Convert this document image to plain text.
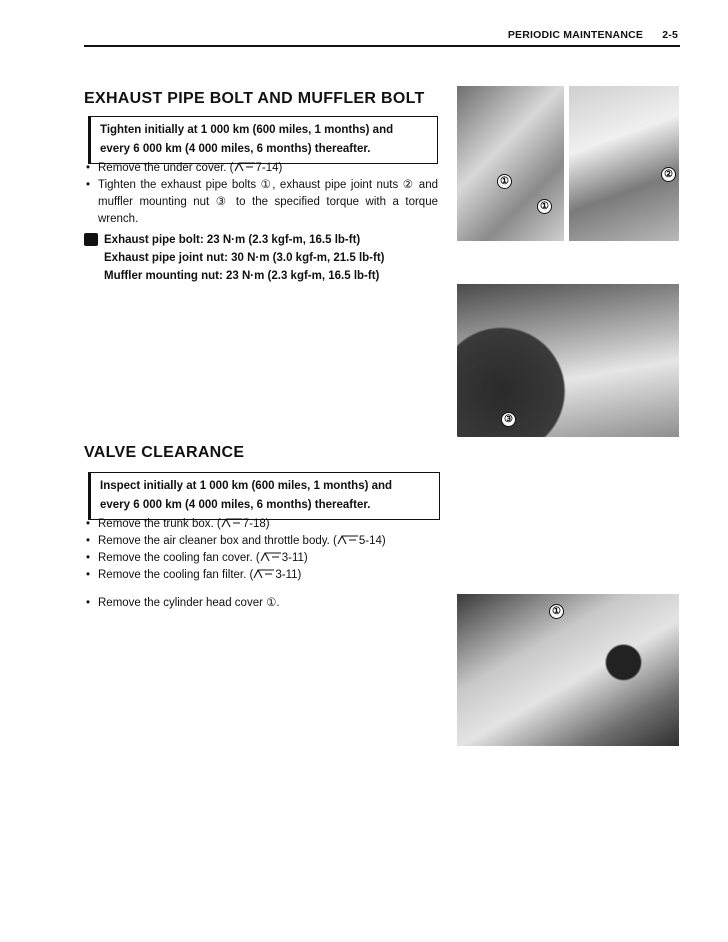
PERIODIC MAINTENANCE 2-5
EXHAUST PIPE BOLT AND MUFFLER BOLT
Tighten initially at 1 000 km (600 miles, 1 months) and
every 6 000 km (4 000 miles, 6 months) thereafter.
• Remove the under cover. ( 7-14)
• Tighten the exhaust pipe bolts ①, exhaust pipe joint nuts ② and muffler mounting nut ③ to the specified torque with a torque wrench.
Exhaust pipe bolt: 23 N·m (2.3 kgf-m, 16.5 lb-ft)
Exhaust pipe joint nut: 30 N·m (3.0 kgf-m, 21.5 lb-ft)
Muffler mounting nut: 23 N·m (2.3 kgf-m, 16.5 lb-ft)
①
①
②
③
VALVE CLEARANCE
Inspect initially at 1 000 km (600 miles, 1 months) and
every 6 000 km (4 000 miles, 6 months) thereafter.
• Remove the trunk box. ( 7-18)
• Remove the air cleaner box and throttle body. ( 5-14)
• Remove the cooling fan cover. ( 3-11)
• Remove the cooling fan filter. ( 3-11)
• Remove the cylinder head cover ①.
①
